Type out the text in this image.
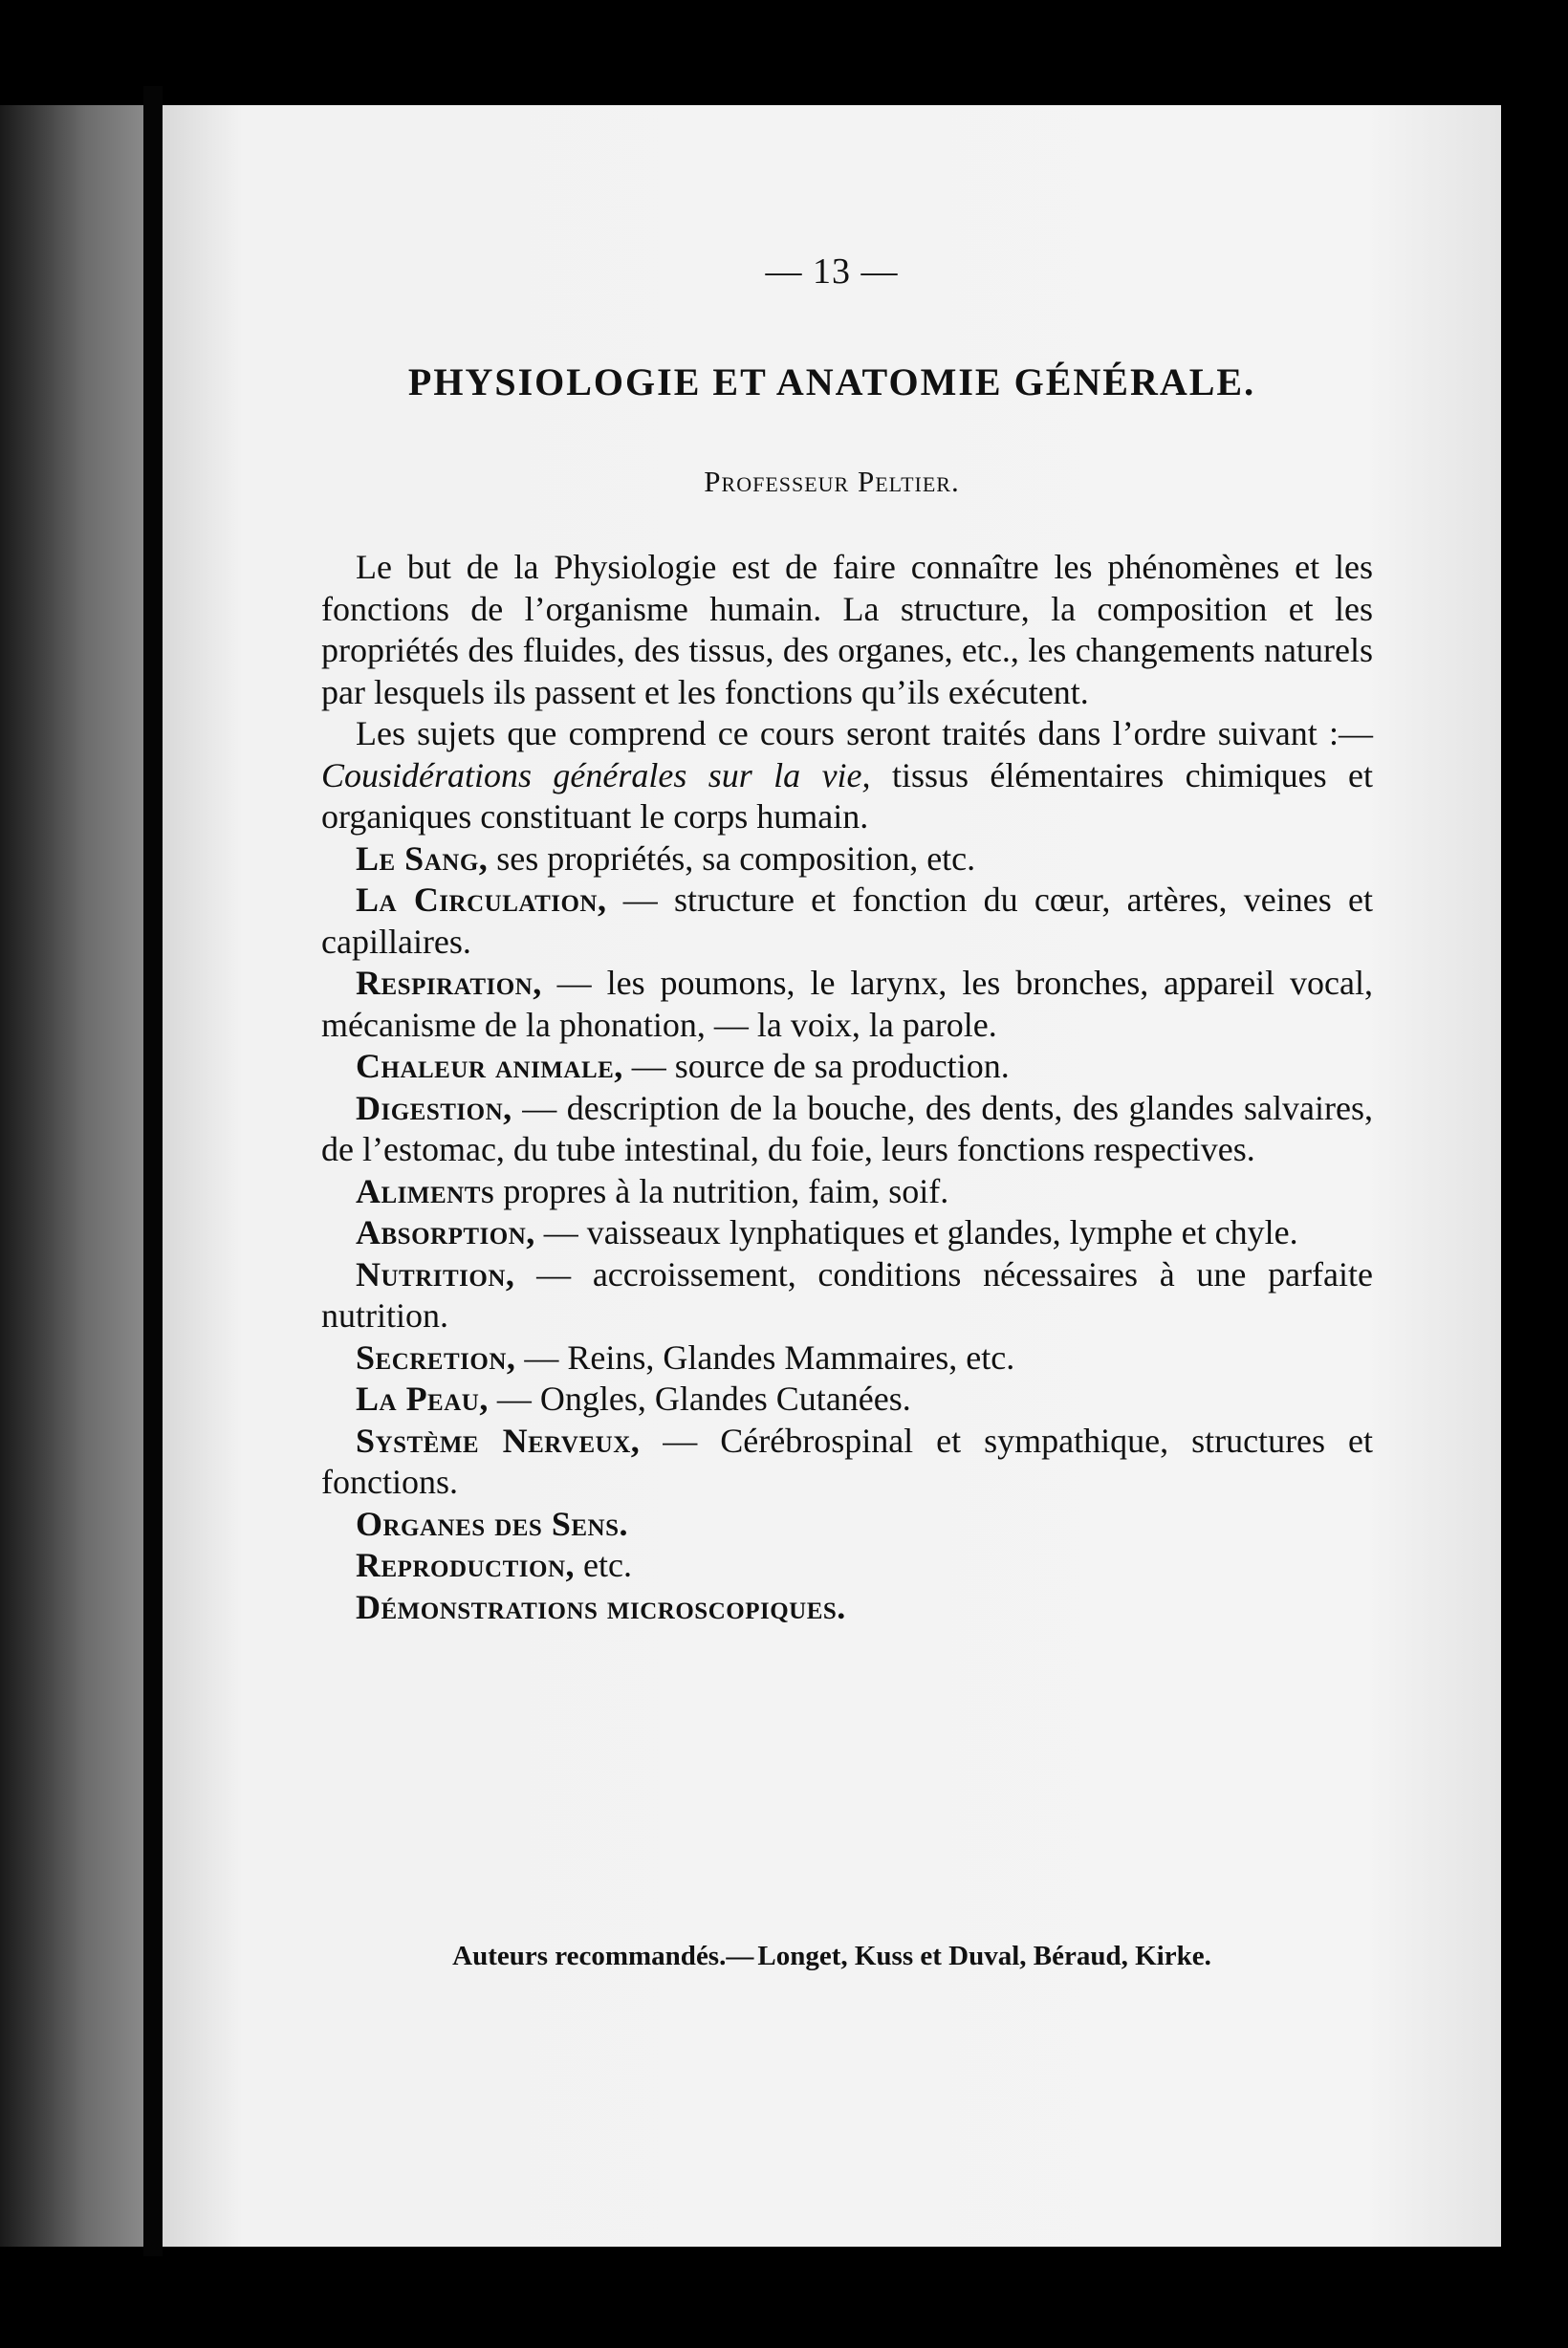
— 13 —
PHYSIOLOGIE ET ANATOMIE GÉNÉRALE.
Professeur Peltier.

Le but de la Physiologie est de faire connaître les phénomènes et les fonctions de l’organisme humain. La structure, la composition et les propriétés des fluides, des tissus, des organes, etc., les changements naturels par lesquels ils passent et les fonctions qu’ils exécutent.

Les sujets que comprend ce cours seront traités dans l’ordre suivant :—Cousidérations générales sur la vie, tissus élémentaires chimiques et organiques constituant le corps humain.

Le Sang, ses propriétés, sa composition, etc.

La Circulation, — structure et fonction du cœur, artères, veines et capillaires.

Respiration, — les poumons, le larynx, les bronches, appareil vocal, mécanisme de la phonation, — la voix, la parole.

Chaleur animale, — source de sa production.

Digestion, — description de la bouche, des dents, des glandes salvaires, de l’estomac, du tube intestinal, du foie, leurs fonctions respectives.

Aliments propres à la nutrition, faim, soif.

Absorption, — vaisseaux lynphatiques et glandes, lymphe et chyle.

Nutrition, — accroissement, conditions nécessaires à une parfaite nutrition.

Secretion, — Reins, Glandes Mammaires, etc.

La Peau, — Ongles, Glandes Cutanées.

Système Nerveux, — Cérébrospinal et sympathique, structures et fonctions.

Organes des Sens.

Reproduction, etc.

Démonstrations microscopiques.

Auteurs recommandés.— Longet, Kuss et Duval, Béraud, Kirke.
